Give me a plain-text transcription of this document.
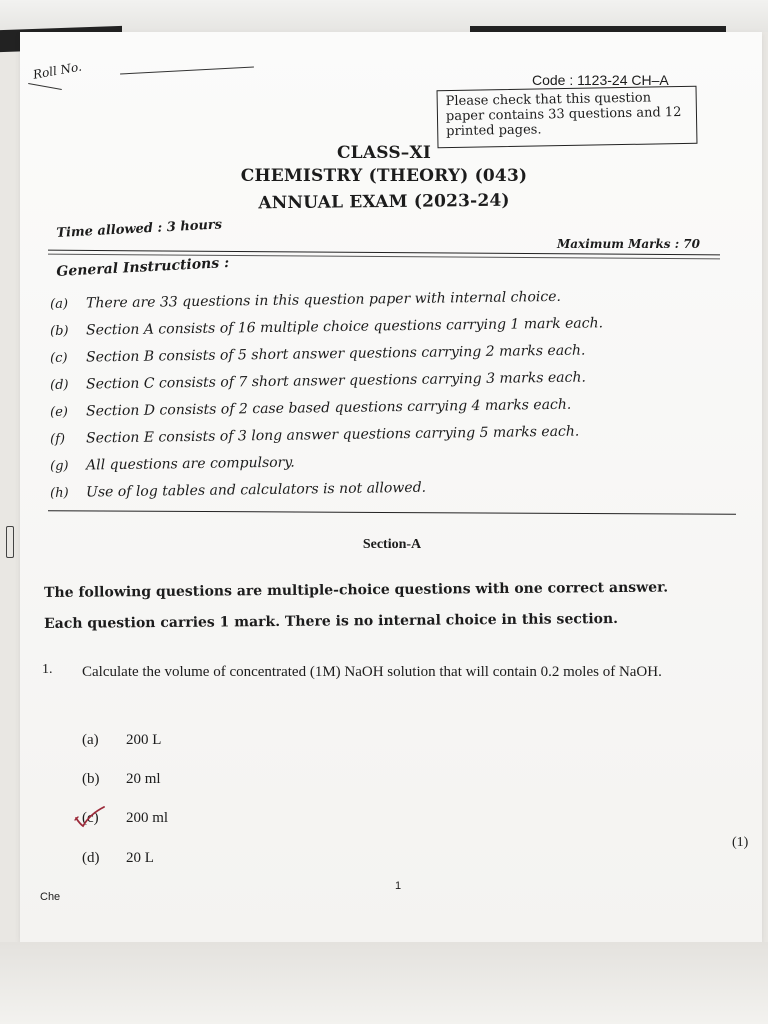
Roll No.	Code : 1123-24 CH–A
Please check that this question paper contains 33 questions and 12 printed pages.
CLASS–XI
CHEMISTRY (THEORY) (043)
ANNUAL EXAM (2023-24)
Time allowed : 3 hours
Maximum Marks : 70
General Instructions :
(a) There are 33 questions in this question paper with internal choice.
(b) Section A consists of 16 multiple choice questions carrying 1 mark each.
(c) Section B consists of 5 short answer questions carrying 2 marks each.
(d) Section C consists of 7 short answer questions carrying 3 marks each.
(e) Section D consists of 2 case based questions carrying 4 marks each.
(f) Section E consists of 3 long answer questions carrying 5 marks each.
(g) All questions are compulsory.
(h) Use of log tables and calculators is not allowed.
Section-A
The following questions are multiple-choice questions with one correct answer.
Each question carries 1 mark. There is no internal choice in this section.
1. Calculate the volume of concentrated (1M) NaOH solution that will contain 0.2 moles of NaOH.
(a) 200 L
(b) 20 ml
(c) 200 ml
(d) 20 L
(1)
Che
1
